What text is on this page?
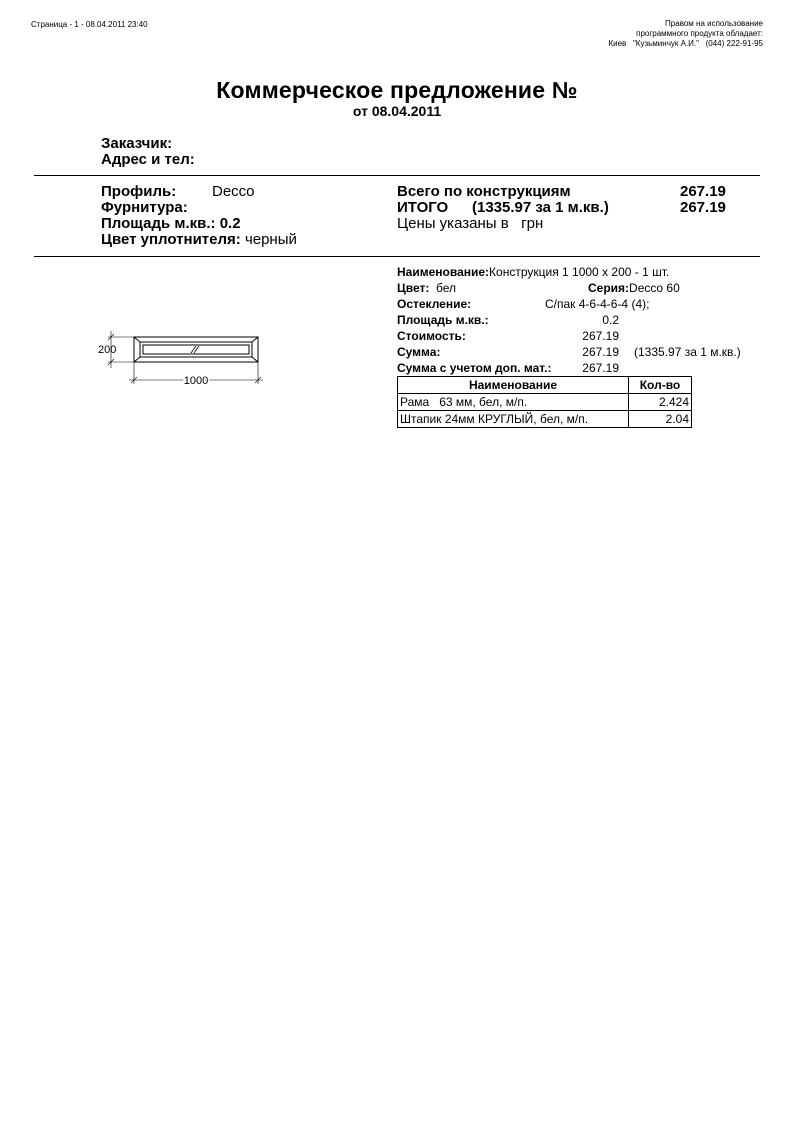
Страница - 1 - 08.04.2011 23:40	Правом на использование
программного продукта обладает:
Киев   "Кузьминчук А.И."   (044) 222-91-95
Коммерческое предложение №
от 08.04.2011
Заказчик:
Адрес и тел:
Профиль: Decco
Фурнитура:
Площадь м.кв.: 0.2
Цвет уплотнителя: черный
Всего по конструкциям	267.19
ИТОГО (1335.97 за 1 м.кв.)	267.19
Цены указаны в   грн
200
1000
Наименование:Конструкция 1 1000 x 200 - 1 шт.
Цвет: бел	Серия:Decco 60
Остекление:	С/пак 4-6-4-6-4 (4);
Площадь м.кв.:	0.2
Стоимость:	267.19
Сумма:	267.19 (1335.97 за 1 м.кв.)
Сумма с учетом доп. мат.:	267.19
Наименование	Кол-во
Рама   63 мм, бел, м/п.	2.424
Штапик 24мм КРУГЛЫЙ, бел, м/п.	2.04
